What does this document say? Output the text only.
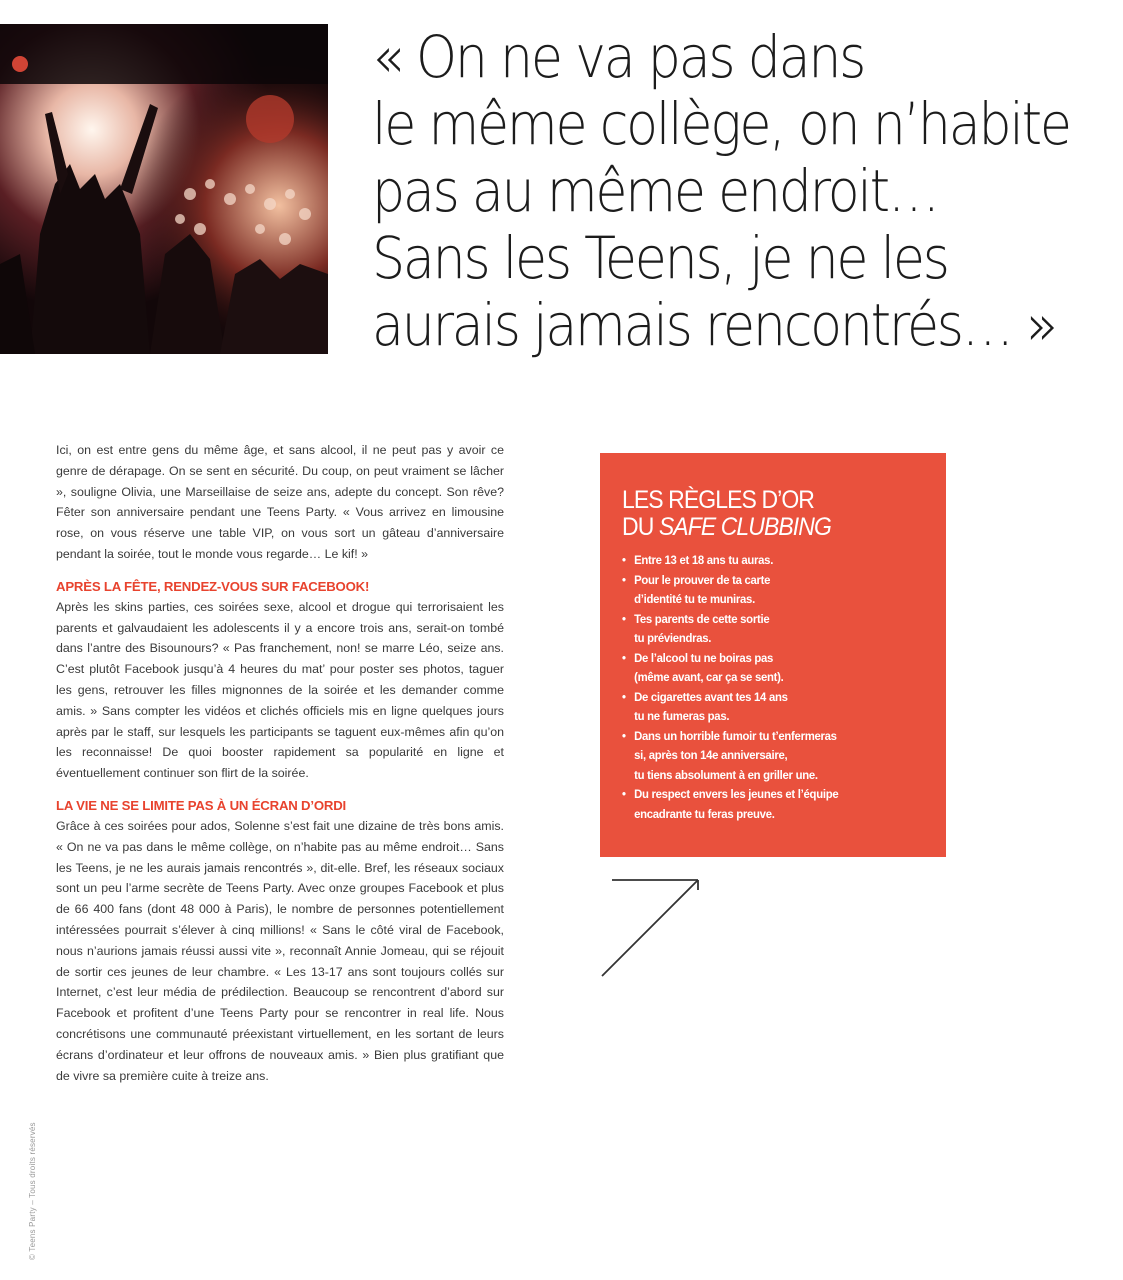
« On ne va pas dans
le même collège, on n’habite
pas au même endroit…
Sans les Teens, je ne les
aurais jamais rencontrés… »

Ici, on est entre gens du même âge, et sans alcool, il ne peut pas y avoir ce genre de dérapage. On se sent en sécurité. Du coup, on peut vraiment se lâcher », souligne Olivia, une Marseillaise de seize ans, adepte du concept. Son rêve? Fêter son anniversaire pendant une Teens Party. « Vous arrivez en limousine rose, on vous réserve une table VIP, on vous sort un gâteau d’anniversaire pendant la soirée, tout le monde vous regarde… Le kif! »

APRÈS LA FÊTE, RENDEZ-VOUS SUR FACEBOOK!

Après les skins parties, ces soirées sexe, alcool et drogue qui terrorisaient les parents et galvaudaient les adolescents il y a encore trois ans, serait-on tombé dans l’antre des Bisounours? « Pas franchement, non! se marre Léo, seize ans. C’est plutôt Facebook jusqu’à 4 heures du mat’ pour poster ses photos, taguer les gens, retrouver les filles mignonnes de la soirée et les demander comme amis. » Sans compter les vidéos et clichés officiels mis en ligne quelques jours après par le staff, sur lesquels les participants se taguent eux-mêmes afin qu’on les reconnaisse! De quoi booster rapidement sa popularité en ligne et éventuellement continuer son flirt de la soirée.

LA VIE NE SE LIMITE PAS À UN ÉCRAN D’ORDI

Grâce à ces soirées pour ados, Solenne s’est fait une dizaine de très bons amis. « On ne va pas dans le même collège, on n’habite pas au même endroit… Sans les Teens, je ne les aurais jamais rencontrés », dit-elle. Bref, les réseaux sociaux sont un peu l’arme secrète de Teens Party. Avec onze groupes Facebook et plus de 66 400 fans (dont 48 000 à Paris), le nombre de personnes potentiellement intéressées pourrait s’élever à cinq millions! « Sans le côté viral de Facebook, nous n’aurions jamais réussi aussi vite », reconnaît Annie Jomeau, qui se réjouit de sortir ces jeunes de leur chambre. « Les 13-17 ans sont toujours collés sur Internet, c’est leur média de prédilection. Beaucoup se rencontrent d’abord sur Facebook et profitent d’une Teens Party pour se rencontrer in real life. Nous concrétisons une communauté préexistant virtuellement, en les sortant de leurs écrans d’ordinateur et leur offrons de nouveaux amis. » Bien plus gratifiant que de vivre sa première cuite à treize ans.

© Teens Party – Tous droits réservés
LES RÈGLES D’OR
DU SAFE CLUBBING
• Entre 13 et 18 ans tu auras.
• Pour le prouver de ta carte
d’identité tu te muniras.
• Tes parents de cette sortie
tu préviendras.
• De l’alcool tu ne boiras pas
(même avant, car ça se sent).
• De cigarettes avant tes 14 ans
tu ne fumeras pas.
• Dans un horrible fumoir tu t’enfermeras
si, après ton 14e anniversaire,
tu tiens absolument à en griller une.
• Du respect envers les jeunes et l’équipe
encadrante tu feras preuve.
